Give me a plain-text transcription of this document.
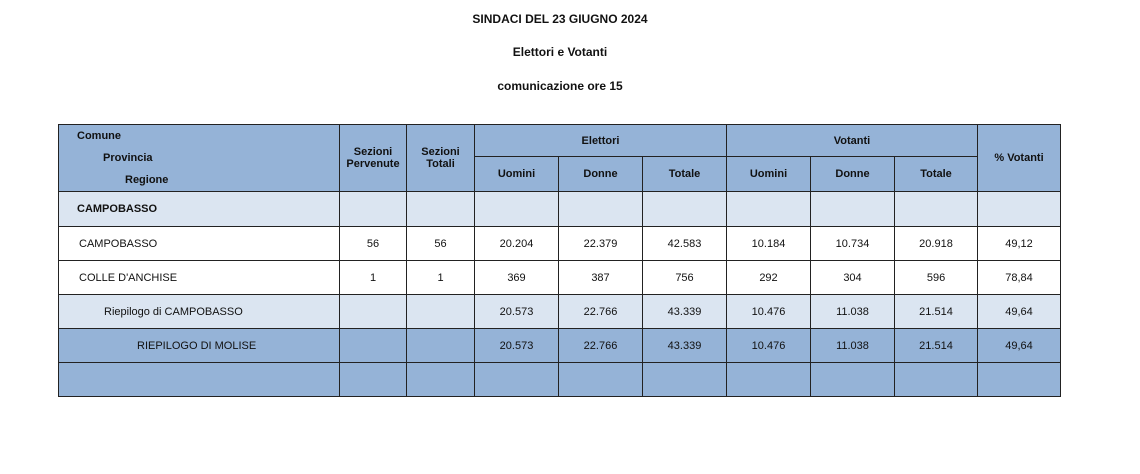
SINDACI DEL 23 GIUGNO 2024
Elettori e Votanti
comunicazione ore 15
Comune
Provincia
Regione	Sezioni Pervenute	Sezioni Totali	Elettori			Votanti			% Votanti
			Uomini	Donne	Totale	Uomini	Donne	Totale	
CAMPOBASSO									
CAMPOBASSO	56	56	20.204	22.379	42.583	10.184	10.734	20.918	49,12
COLLE D'ANCHISE	1	1	369	387	756	292	304	596	78,84
Riepilogo di CAMPOBASSO			20.573	22.766	43.339	10.476	11.038	21.514	49,64
RIEPILOGO DI MOLISE			20.573	22.766	43.339	10.476	11.038	21.514	49,64
